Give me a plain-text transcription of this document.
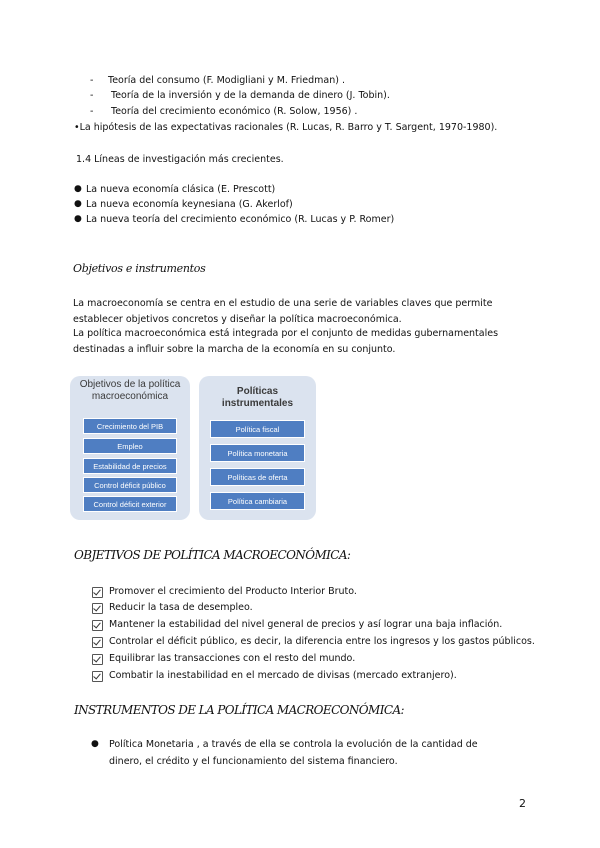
- Teoría del consumo (F. Modigliani y M. Friedman) .
- Teoría de la inversión y de la demanda de dinero (J. Tobin).
- Teoría del crecimiento económico (R. Solow, 1956) .
•La hipótesis de las expectativas racionales (R. Lucas, R. Barro y T. Sargent, 1970-1980).
1.4 Líneas de investigación más crecientes.
● La nueva economía clásica (E. Prescott)
● La nueva economía keynesiana (G. Akerlof)
● La nueva teoría del crecimiento económico (R. Lucas y P. Romer)
Objetivos e instrumentos
La macroeconomía se centra en el estudio de una serie de variables claves que permite establecer objetivos concretos y diseñar la política macroeconómica.
La política macroeconómica está integrada por el conjunto de medidas gubernamentales destinadas a influir sobre la marcha de la economía en su conjunto.
Objetivos de la política macroeconómica
Crecimiento del PIB
Empleo
Estabilidad de precios
Control déficit público
Control déficit exterior
Políticas instrumentales
Política fiscal
Política monetaria
Políticas de oferta
Política cambiaria
OBJETIVOS DE POLÍTICA MACROECONÓMICA:
Promover el crecimiento del Producto Interior Bruto.
Reducir la tasa de desempleo.
Mantener la estabilidad del nivel general de precios y así lograr una baja inflación.
Controlar el déficit público, es decir, la diferencia entre los ingresos y los gastos públicos.
Equilibrar las transacciones con el resto del mundo.
Combatir la inestabilidad en el mercado de divisas (mercado extranjero).
INSTRUMENTOS DE LA POLÍTICA MACROECONÓMICA:
● Política Monetaria , a través de ella se controla la evolución de la cantidad de dinero, el crédito y el funcionamiento del sistema financiero.
2
